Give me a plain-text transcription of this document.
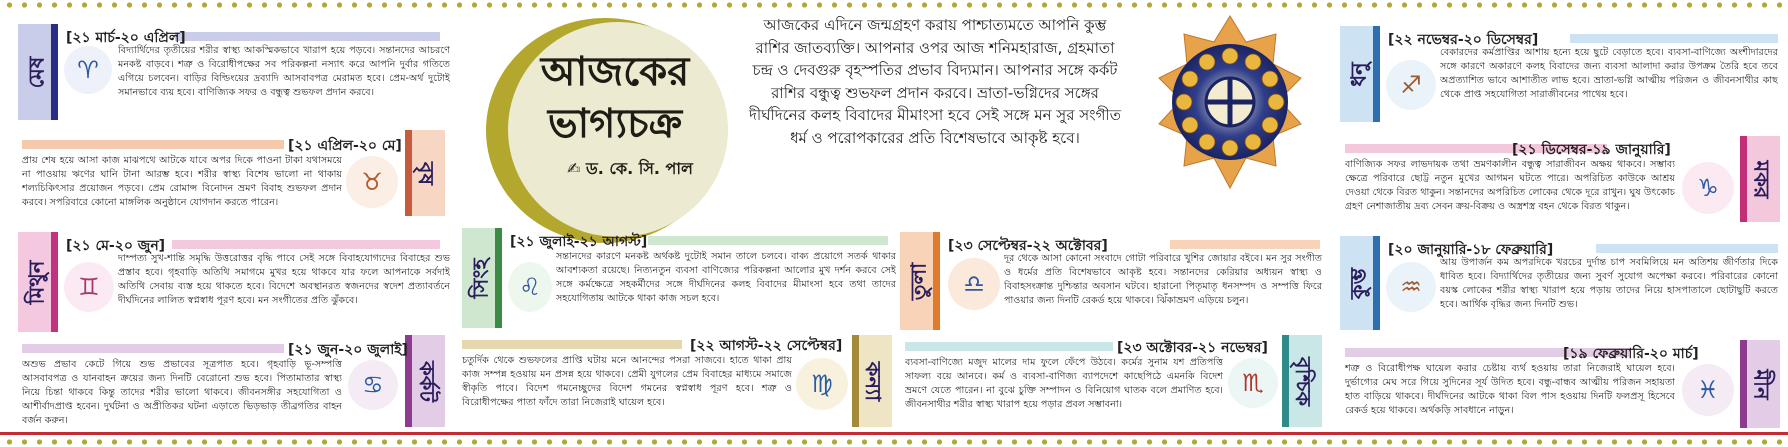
মেষ
[২১ মার্চ-২০ এপ্রিল]
বিদ্যার্থিদের তৃতীয়ের শরীর স্বাস্থ্য আকস্মিকভাবে খারাপ হয়ে পড়বে। সন্তানদের আচরণে মনকষ্ট বাড়বে। শত্রু ও বিরোধীপক্ষের সব পরিকল্পনা নস্যাৎ করে আপনি দুর্বার গতিতে এগিয়ে চলবেন। বাড়ির বিল্ডিংয়ের দ্রব্যাদি আসবাবপত্র মেরামত হবে। প্রেম-অর্থ দুটোই সমানভাবে ব্যয় হবে। বাণিজ্যিক সফর ও বন্ধুত্ব শুভফল প্রদান করবে।
♈
বৃষ
[২১ এপ্রিল-২০ মে]
প্রায় শেষ হয়ে আসা কাজ মাঝপথে আটকে যাবে অপর দিকে পাওনা টাকা যথাসময়ে না পাওয়ায় ঋণের ঘানি টানা আরম্ভ হবে। শরীর স্বাস্থ্য বিশেষ ভালো না থাকায় শল্যচিকিৎসার প্রয়োজন পড়বে। প্রেম রোমান্স বিনোদন ভ্রমণ বিবাহ শুভফল প্রদান করবে। সপরিবারে কোনো মাঙ্গলিক অনুষ্ঠানে যোগদান করতে পারেন।
♉
মিথুন
[২১ মে-২০ জুন]
দাম্পত্য সুখ-শান্তি সমৃদ্ধি উত্তরোত্তর বৃদ্ধি পাবে সেই সঙ্গে বিবাহযোগ্যদের বিবাহের শুভ প্রস্তাব হবে। গৃহবাড়ি অতিথি সমাগমে মুখর হয়ে থাকবে যার ফলে আপনাকে সর্বদাই অতিথি সেবায় ব্যস্ত হয়ে থাকতে হবে। বিদেশে অবস্থানরত স্বজনদের স্বদেশ প্রত্যাবর্তনে দীর্ঘদিনের লালিত স্বপ্নস্বাধ পূরণ হবে। মন সংগীতের প্রতি ঝুঁকবে।
♊
কর্কট
[২১ জুন-২০ জুলাই]
অশুভ প্রভাব কেটে গিয়ে শুভ প্রভাবের সূত্রপাত হবে। গৃহবাড়ি ভূ-সম্পত্তি আসবাবপত্র ও যানবাহন ক্রয়ের জন্য দিনটি বেরোনো শুভ হবে। পিতামাতার স্বাস্থ্য নিয়ে চিন্তা থাকবে কিন্তু তাদের শরীর ভালো থাকবে। জীবনসঙ্গীর সহযোগিতা ও আশীর্বাদপ্রাপ্ত হবেন। দুর্ঘটনা ও অপ্রীতিকর ঘটনা এড়াতে ভিড়ভাড় তীব্রগতির বাহন বর্জন করুন।
♋
আজকের
ভাগ্যচক্র
✍ ড. কে. সি. পাল
আজকের এদিনে জন্মগ্রহণ করায় পাশ্চাত্যমতে আপনি কুম্ভ রাশির জাতব্যক্তি। আপনার ওপর আজ শনিমহারাজ, গ্রহমাতা চন্দ্র ও দেবগুরু বৃহস্পতির প্রভাব বিদ্যমান। আপনার সঙ্গে কর্কট রাশির বন্ধুত্ব শুভফল প্রদান করবে। ভ্রাতা-ভগ্নিদের সঙ্গের দীর্ঘদিনের কলহ বিবাদের মীমাংসা হবে সেই সঙ্গে মন সুর সংগীত ধর্ম ও পরোপকারের প্রতি বিশেষভাবে আকৃষ্ট হবে।
সিংহ
[২১ জুলাই-২১ আগস্ট]
সন্তানদের কারণে মনকষ্ট অর্থকষ্ট দুটোই সমান তালে চলবে। বাক্য প্রয়োগে সতর্ক থাকার আবশ্যকতা রয়েছে। নিত্যনতুন ব্যবসা বাণিজ্যের পরিকল্পনা আলোর মুখ দর্শন করবে সেই সঙ্গে কর্মক্ষেত্রে সহকর্মীদের সঙ্গে দীর্ঘদিনের কলহ বিবাদের মীমাংসা হবে তথা তাদের সহযোগিতায় আটকে থাকা কাজ সচল হবে।
♌
কন্যা
[২২ আগস্ট-২২ সেপ্টেম্বর]
চতুর্দিক থেকে শুভফলের প্রাপ্তি ঘটায় মনে আনন্দের পসরা সাজবে। হাতে থাকা প্রায় কাজ সম্পন্ন হওয়ায় মন প্রসন্ন হয়ে থাকবে। প্রেমী যুগলের প্রেম বিবাহের মাধ্যমে সমাজে স্বীকৃতি পাবে। বিদেশ গমনেচ্ছুদের বিদেশ গমনের স্বপ্নস্বাধ পূরণ হবে। শত্রু ও বিরোধীপক্ষের পাতা ফাঁদে তারা নিজেরাই ঘায়েল হবে।
♍
তুলা
[২৩ সেপ্টেম্বর-২২ অক্টোবর]
দূর থেকে আসা কোনো সংবাদে গোটা পরিবারে খুশির জোয়ার বইবে। মন সুর সংগীত ও ধর্মের প্রতি বিশেষভাবে আকৃষ্ট হবে। সন্তানদের কেরিয়ার অধ্যয়ন স্বাস্থ্য ও বিবাহসংক্রান্ত দুশ্চিন্তার অবসান ঘটবে। হারানো পিতৃমাতৃ ধনসম্পদ ও সম্পত্তি ফিরে পাওয়ার জন্য দিনটি রেকর্ড হয়ে থাকবে। ঝিঁকাভ্রমণ এড়িয়ে চলুন।
♎
বৃশ্চিক
[২৩ অক্টোবর-২১ নভেম্বর]
ব্যবসা-বাণিজ্যে মজুদ মালের দাম ফুলে ফেঁপে উঠবে। কর্মের সুনাম যশ প্রতিপত্তি সাফল্য বয়ে আনবে। কর্ম ও ব্যবসা-বাণিজ্য ব্যাপদেশে কাছেপিঠে এমনকি বিদেশ ভ্রমণে যেতে পারেন। না বুঝে চুক্তি সম্পাদন ও বিনিয়োগ ঘাতক বলে প্রমাণিত হবে। জীবনসাথীর শরীর স্বাস্থ্য খারাপ হয়ে পড়ার প্রবল সম্ভাবনা।
♏
ধনু
[২২ নভেম্বর-২০ ডিসেম্বর]
বেকারদের কর্মপ্রাপ্তির আশায় হন্যে হয়ে ছুটে বেড়াতে হবে। ব্যবসা-বাণিজ্যে অংশীদারদের সঙ্গে কারণে অকারণে কলহ বিবাদের জন্য ব্যবসা আলাদা করার উপক্রম তৈরি হবে তবে অপ্রত্যাশিত ভাবে আশাতীত লাভ হবে। ভ্রাতা-ভগ্নি আত্মীয় পরিজন ও জীবনসাথীর কাছ থেকে প্রাপ্ত সহযোগিতা সারাজীবনের পাথেয় হবে।
♐
মকর
[২১ ডিসেম্বর-১৯ জানুয়ারি]
বাণিজ্যিক সফর লাভদায়ক তথা ভ্রমণকালীন বন্ধুত্ব সারাজীবন অক্ষয় থাকবে। সম্ভাব্য ক্ষেত্রে পরিবারে ছোট্ট নতুন মুখের আগমন ঘটতে পারে। অপরিচিত কাউকে আশ্রয় দেওয়া থেকে বিরত থাকুন। সন্তানদের অপরিচিত লোকের থেকে দূরে রাখুন। ঘুষ উৎকোচ গ্রহণ নেশাজাতীয় দ্রব্য সেবন ক্রয়-বিক্রয় ও অস্ত্রশস্ত্র বহন থেকে বিরত থাকুন।
♑
কুম্ভ
[২০ জানুয়ারি-১৮ ফেব্রুয়ারি]
আয় উপার্জন কম অপরদিকে খরচের দুর্দান্ত চাপ সবমিলিয়ে মন অতিশয় জীর্ণতার দিকে ধাবিত হবে। বিদ্যার্থিদের তৃতীয়ের জন্য সুবর্ণ সুযোগ অপেক্ষা করবে। পরিবারের কোনো বয়স্ক লোকের শরীর স্বাস্থ্য খারাপ হয়ে পড়ায় তাদের নিয়ে হাসপাতালে ছোটাছুটি করতে হবে। আর্থিক বৃদ্ধির জন্য দিনটি শুভ।
♒
মীন
[১৯ ফেব্রুয়ারি-২০ মার্চ]
শত্রু ও বিরোধীপক্ষ ঘায়েল করার চেষ্টায় ব্যর্থ হওয়ায় তারা নিজেরাই ঘায়েল হবে। দুর্ভাগ্যের মেঘ সরে গিয়ে সুদিনের সূর্য উদিত হবে। বন্ধু-বান্ধব আত্মীয় পরিজন সহায়তা হাত বাড়িয়ে থাকবে। দীর্ঘদিনের আটকে থাকা বিল পাস হওয়ায় দিনটি ফলপ্রসূ হিসেবে রেকর্ড হয়ে থাকবে। অর্থকড়ি সাবধানে নাড়ুন।
♓
